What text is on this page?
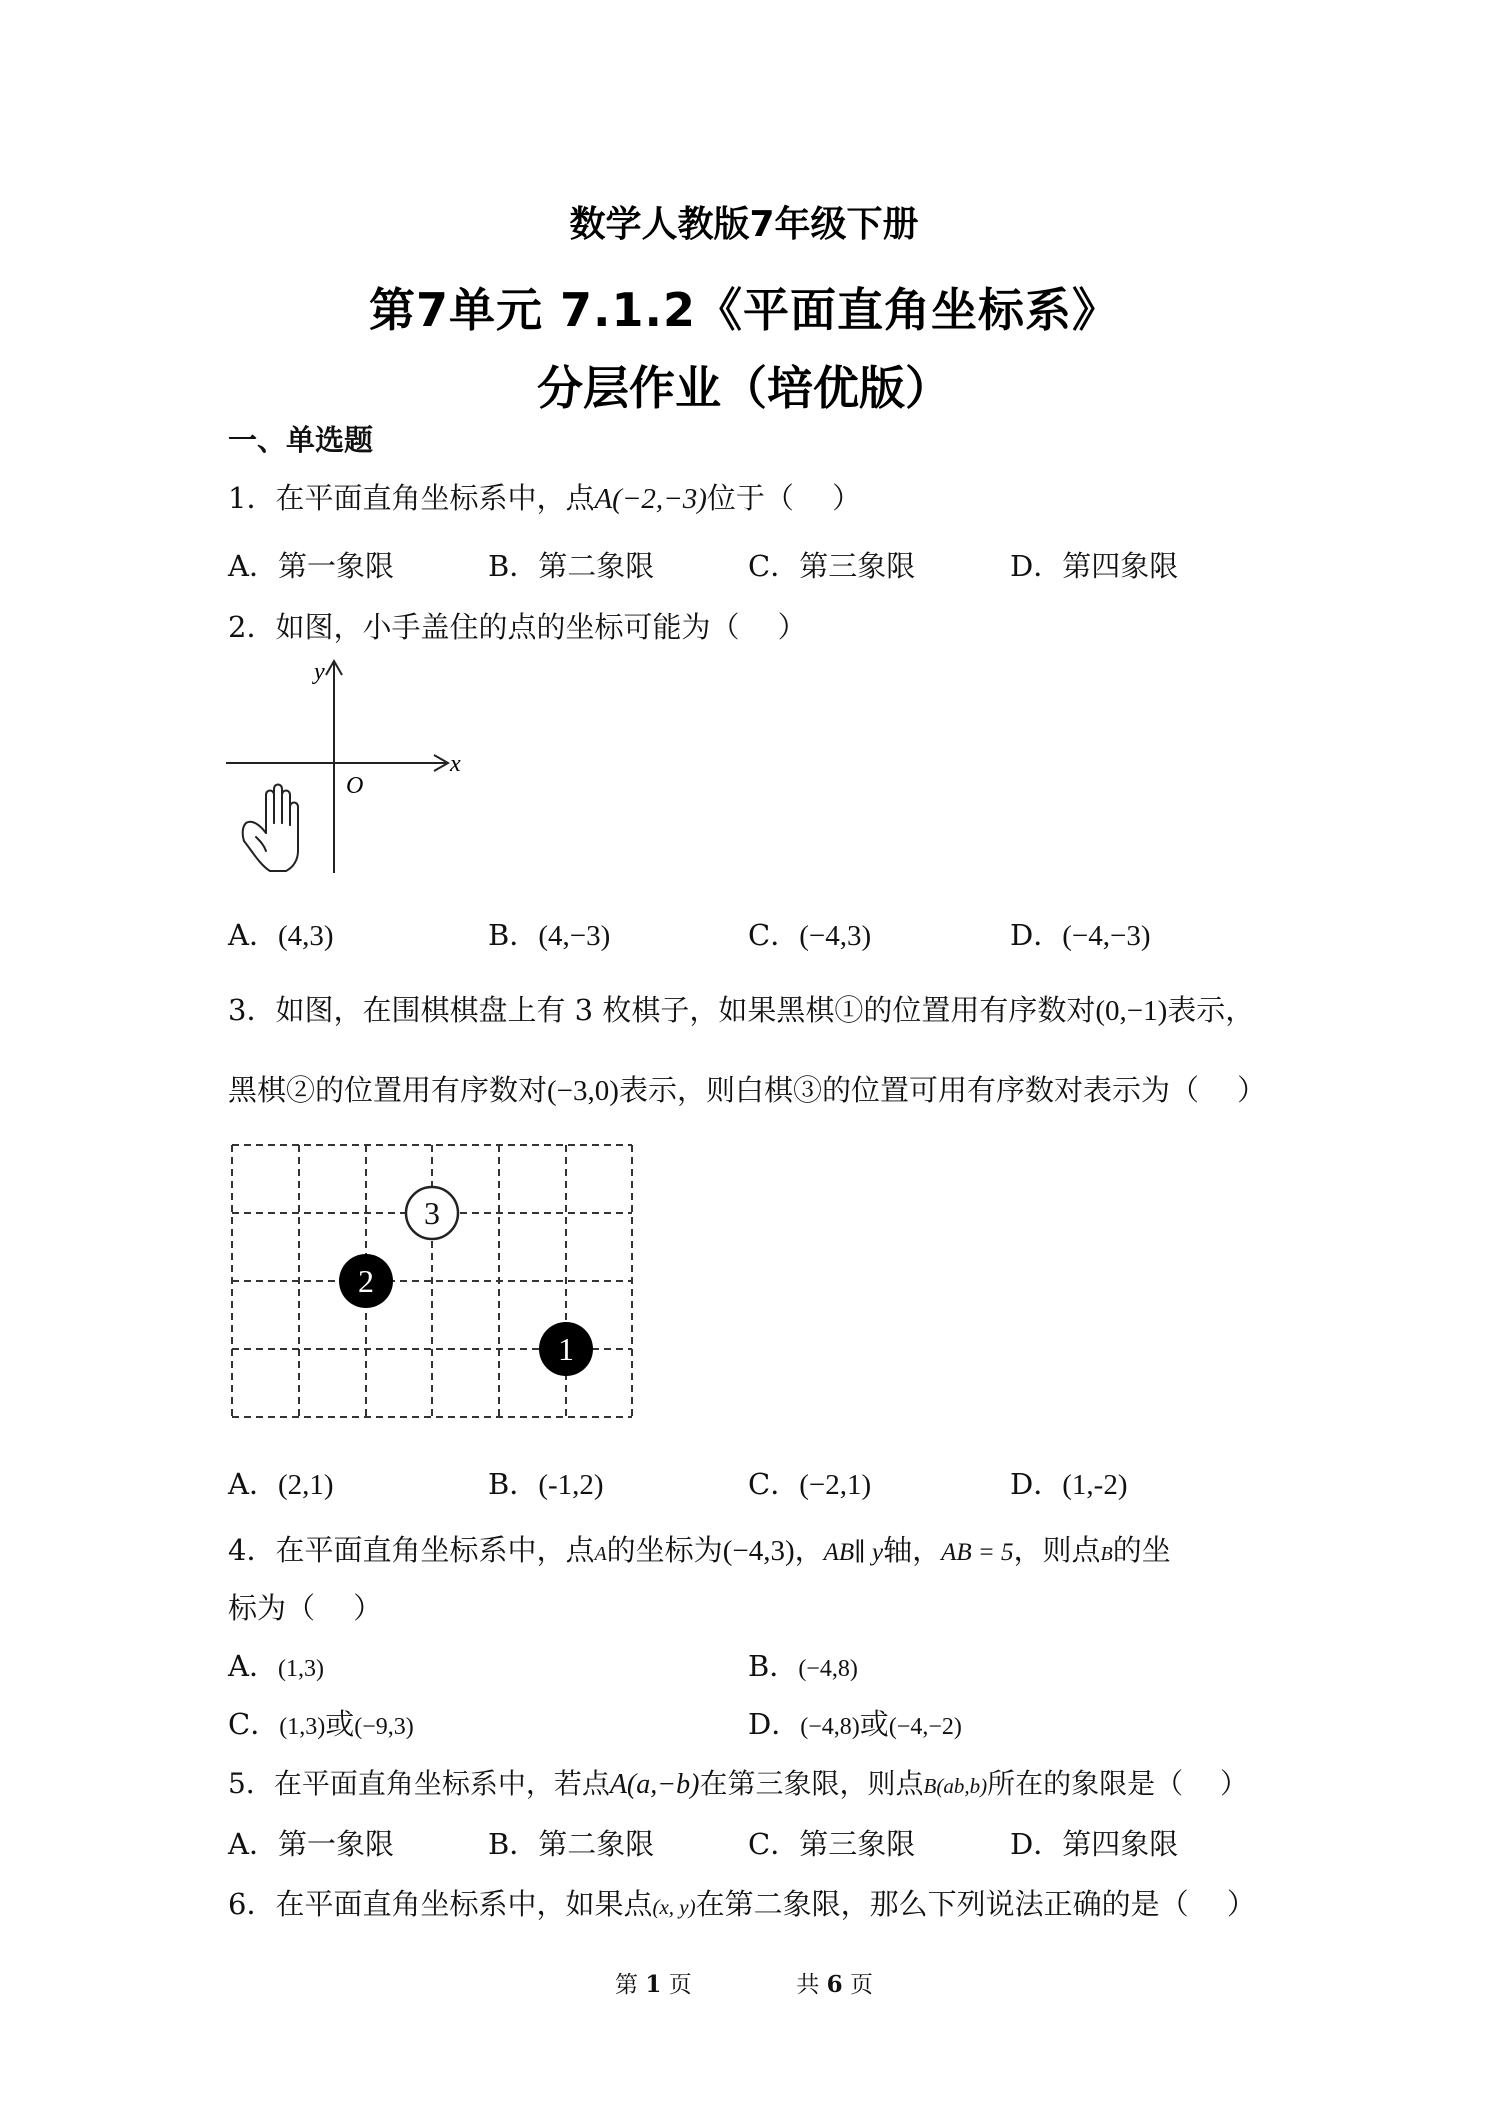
数学人教版7年级下册
第7单元 7.1.2《平面直角坐标系》
分层作业（培优版）
一、单选题
1．在平面直角坐标系中，点A(−2,−3)位于（　 ）
A．第一象限	B．第二象限	C．第三象限	D．第四象限
2．如图，小手盖住的点的坐标可能为（　 ）
y
x
O
A．(4,3)	B．(4,−3)	C．(−4,3)	D．(−4,−3)
3．如图，在围棋棋盘上有 3 枚棋子，如果黑棋①的位置用有序数对(0,−1)表示，
黑棋②的位置用有序数对(−3,0)表示，则白棋③的位置可用有序数对表示为（　 ）
3
2
1
A．(2,1)	B．(-1,2)	C．(−2,1)	D．(1,-2)
4．在平面直角坐标系中，点A的坐标为(−4,3)，AB∥ y轴，AB = 5，则点B的坐
标为（　 ）
A．(1,3)	B．(−4,8)
C．(1,3)或(−9,3)	D．(−4,8)或(−4,−2)
5．在平面直角坐标系中，若点A(a,−b)在第三象限，则点B(ab,b)所在的象限是（　 ）
A．第一象限	B．第二象限	C．第三象限	D．第四象限
6．在平面直角坐标系中，如果点(x, y)在第二象限，那么下列说法正确的是（　 ）
第 1 页	共 6 页
